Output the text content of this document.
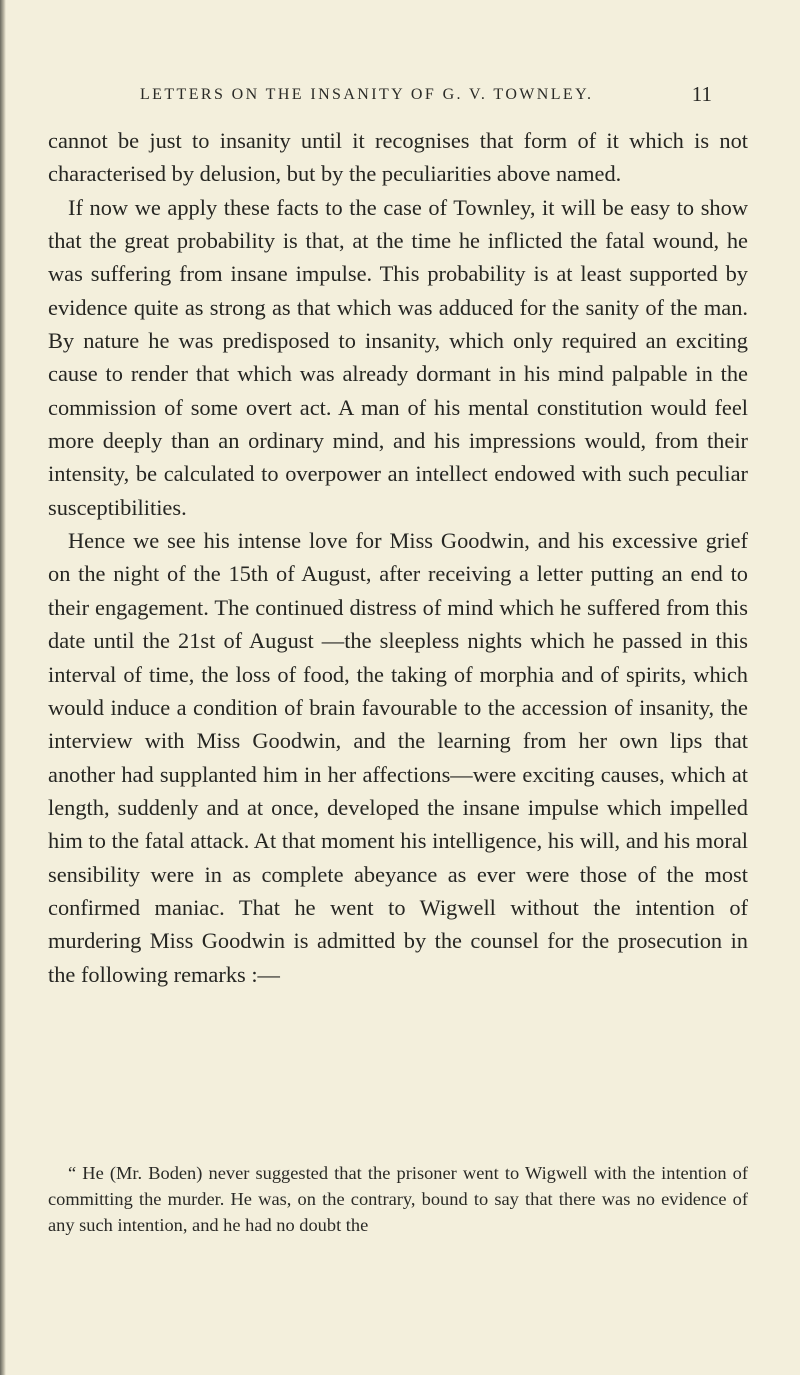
LETTERS ON THE INSANITY OF G. V. TOWNLEY.	11

cannot be just to insanity until it recognises that form of it which is not characterised by delusion, but by the peculiarities above named.

If now we apply these facts to the case of Townley, it will be easy to show that the great probability is that, at the time he inflicted the fatal wound, he was suffering from insane impulse. This probability is at least supported by evidence quite as strong as that which was adduced for the sanity of the man. By nature he was predisposed to insanity, which only required an exciting cause to render that which was already dormant in his mind palpable in the commission of some overt act. A man of his mental constitution would feel more deeply than an ordinary mind, and his impressions would, from their intensity, be calculated to overpower an intellect endowed with such peculiar susceptibilities.

Hence we see his intense love for Miss Goodwin, and his excessive grief on the night of the 15th of August, after receiving a letter putting an end to their engagement. The continued distress of mind which he suffered from this date until the 21st of August —the sleepless nights which he passed in this interval of time, the loss of food, the taking of morphia and of spirits, which would induce a condition of brain favourable to the accession of insanity, the interview with Miss Goodwin, and the learning from her own lips that another had supplanted him in her affections—were exciting causes, which at length, suddenly and at once, developed the insane impulse which impelled him to the fatal attack. At that moment his intelligence, his will, and his moral sensibility were in as complete abeyance as ever were those of the most confirmed maniac. That he went to Wigwell without the intention of murdering Miss Goodwin is admitted by the counsel for the prosecution in the following remarks :—

“ He (Mr. Boden) never suggested that the prisoner went to Wigwell with the intention of committing the murder. He was, on the contrary, bound to say that there was no evidence of any such intention, and he had no doubt the
